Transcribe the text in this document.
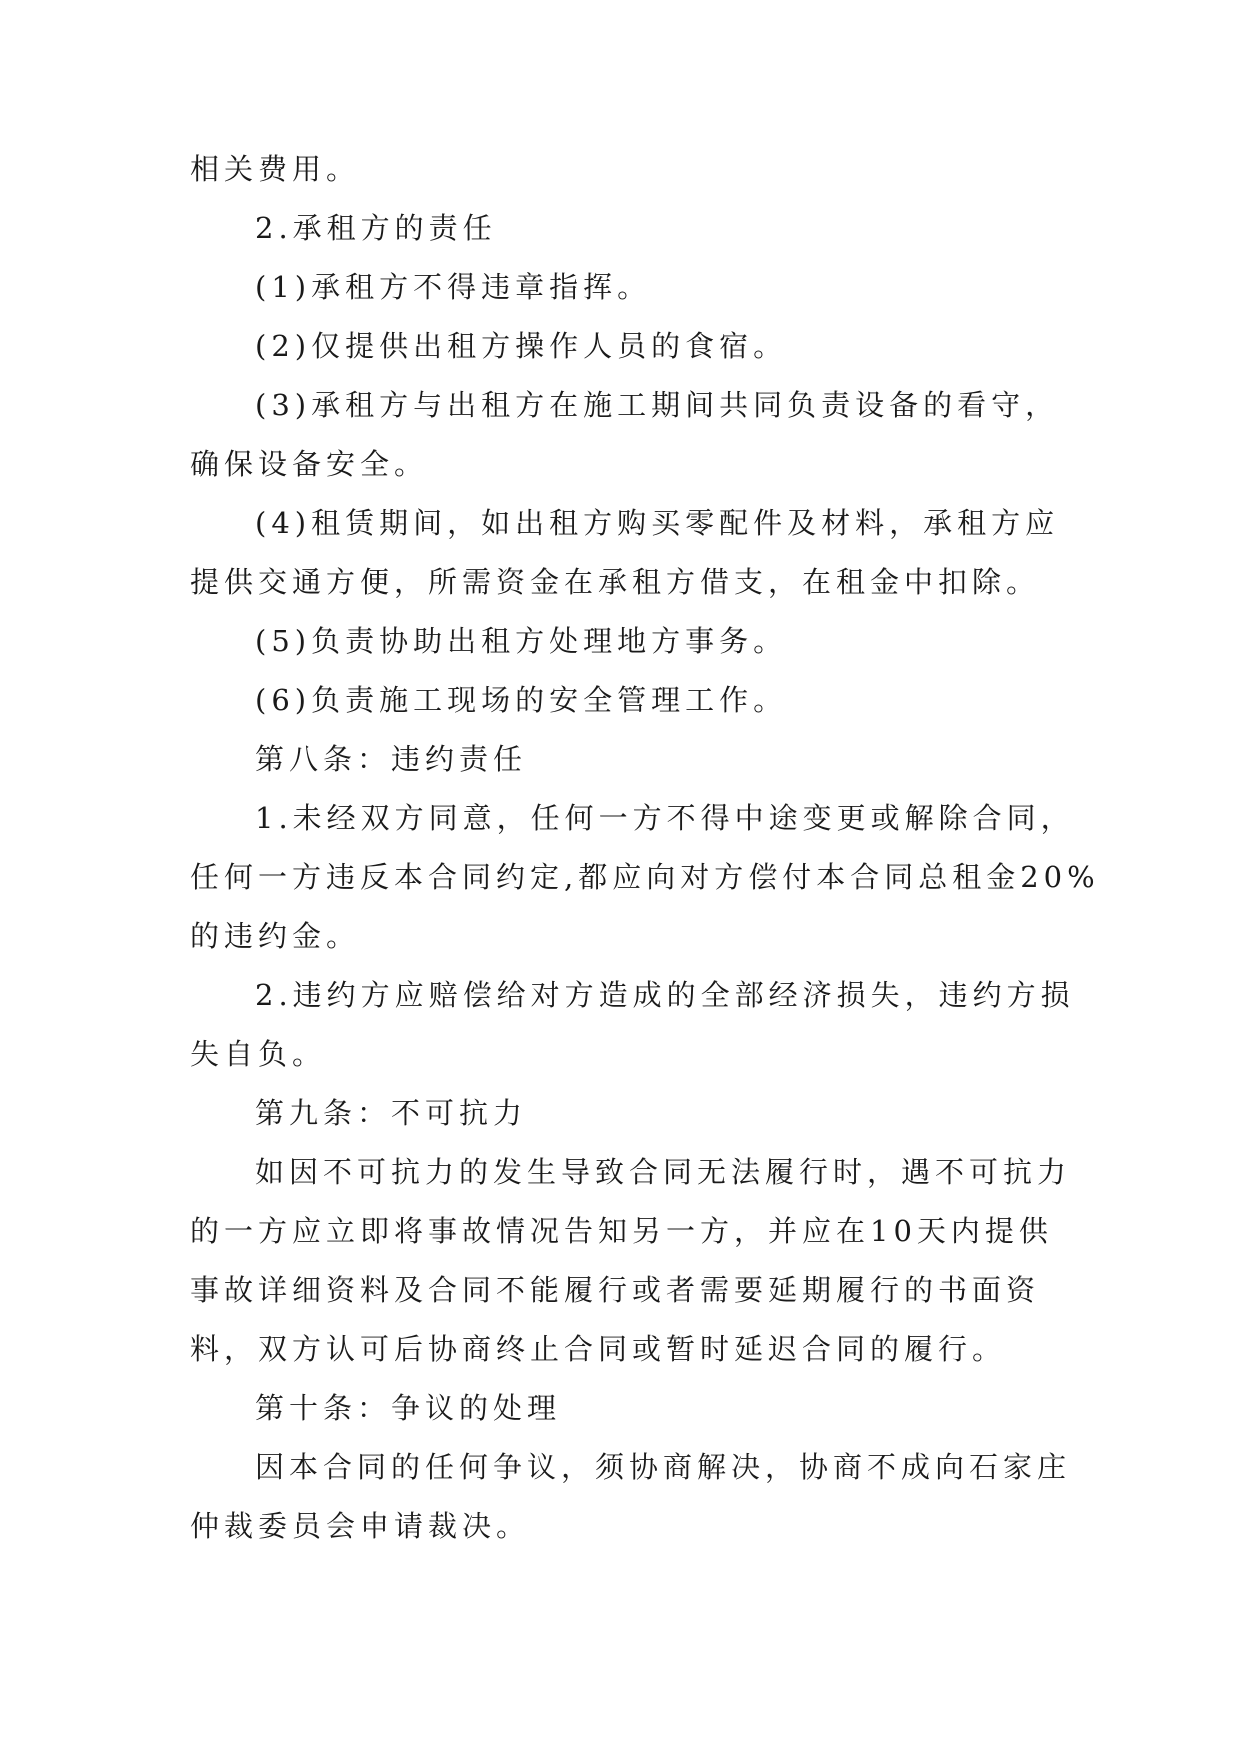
相关费用。
2.承租方的责任
(1)承租方不得违章指挥。
(2)仅提供出租方操作人员的食宿。
(3)承租方与出租方在施工期间共同负责设备的看守，
确保设备安全。
(4)租赁期间，如出租方购买零配件及材料，承租方应
提供交通方便，所需资金在承租方借支，在租金中扣除。
(5)负责协助出租方处理地方事务。
(6)负责施工现场的安全管理工作。
第八条：违约责任
1.未经双方同意，任何一方不得中途变更或解除合同，
任何一方违反本合同约定,都应向对方偿付本合同总租金20%
的违约金。
2.违约方应赔偿给对方造成的全部经济损失，违约方损
失自负。
第九条：不可抗力
如因不可抗力的发生导致合同无法履行时，遇不可抗力
的一方应立即将事故情况告知另一方，并应在10天内提供
事故详细资料及合同不能履行或者需要延期履行的书面资
料，双方认可后协商终止合同或暂时延迟合同的履行。
第十条：争议的处理
因本合同的任何争议，须协商解决，协商不成向石家庄
仲裁委员会申请裁决。
